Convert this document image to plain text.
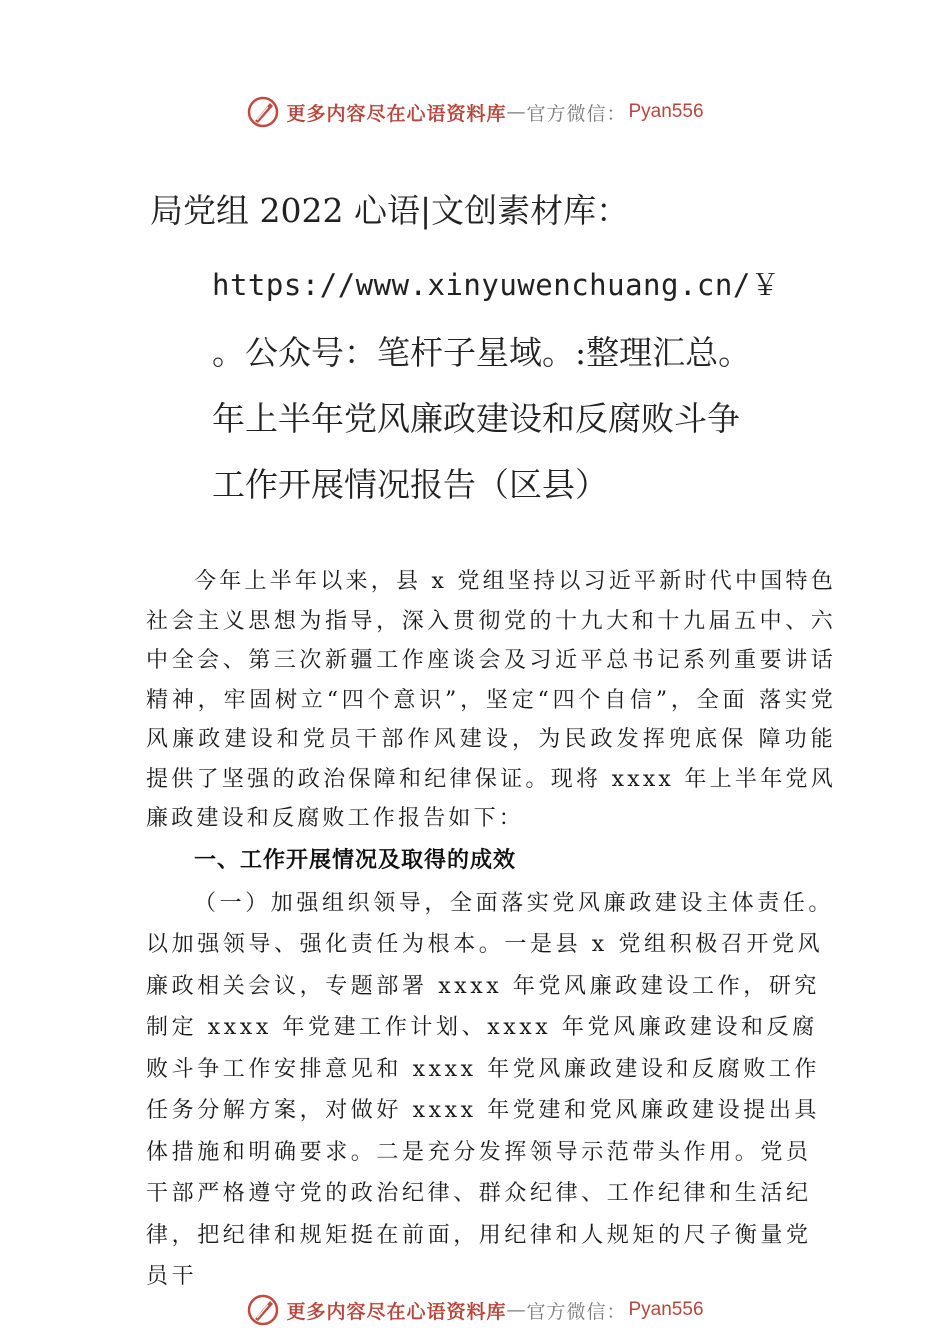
更多内容尽在心语资料库 — 官方微信： Pyan556
局党组 2022 心语|文创素材库：
https://www.xinyuwenchuang.cn/￥
。公众号：笔杆子星域。:整理汇总。
年上半年党风廉政建设和反腐败斗争
工作开展情况报告（区县）

今年上半年以来，县 x 党组坚持以习近平新时代中国特色社会主义思想为指导，深入贯彻党的十九大和十九届五中、六中全会、第三次新疆工作座谈会及习近平总书记系列重要讲话精神，牢固树立“四个意识”，坚定“四个自信”，全面 落实党风廉政建设和党员干部作风建设，为民政发挥兜底保 障功能提供了坚强的政治保障和纪律保证。现将 xxxx 年上半年党风廉政建设和反腐败工作报告如下：

一、工作开展情况及取得的成效

（一）加强组织领导，全面落实党风廉政建设主体责任。以加强领导、强化责任为根本。一是县 x 党组积极召开党风廉政相关会议，专题部署 xxxx 年党风廉政建设工作，研究制定 xxxx 年党建工作计划、xxxx 年党风廉政建设和反腐败斗争工作安排意见和 xxxx 年党风廉政建设和反腐败工作任务分解方案，对做好 xxxx 年党建和党风廉政建设提出具体措施和明确要求。二是充分发挥领导示范带头作用。党员干部严格遵守党的政治纪律、群众纪律、工作纪律和生活纪律，把纪律和规矩挺在前面，用纪律和人规矩的尺子衡量党员干

更多内容尽在心语资料库 — 官方微信： Pyan556
